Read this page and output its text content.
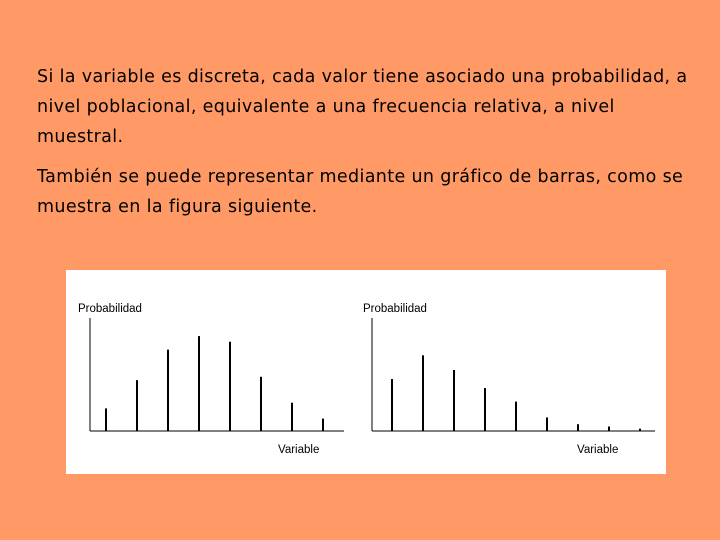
Si la variable es discreta, cada valor tiene asociado una probabilidad, a nivel poblacional, equivalente a una frecuencia relativa, a nivel muestral.

También se puede representar mediante un gráfico de barras, como se muestra en la figura siguiente.

Probabilidad
Variable
Probabilidad
Variable
